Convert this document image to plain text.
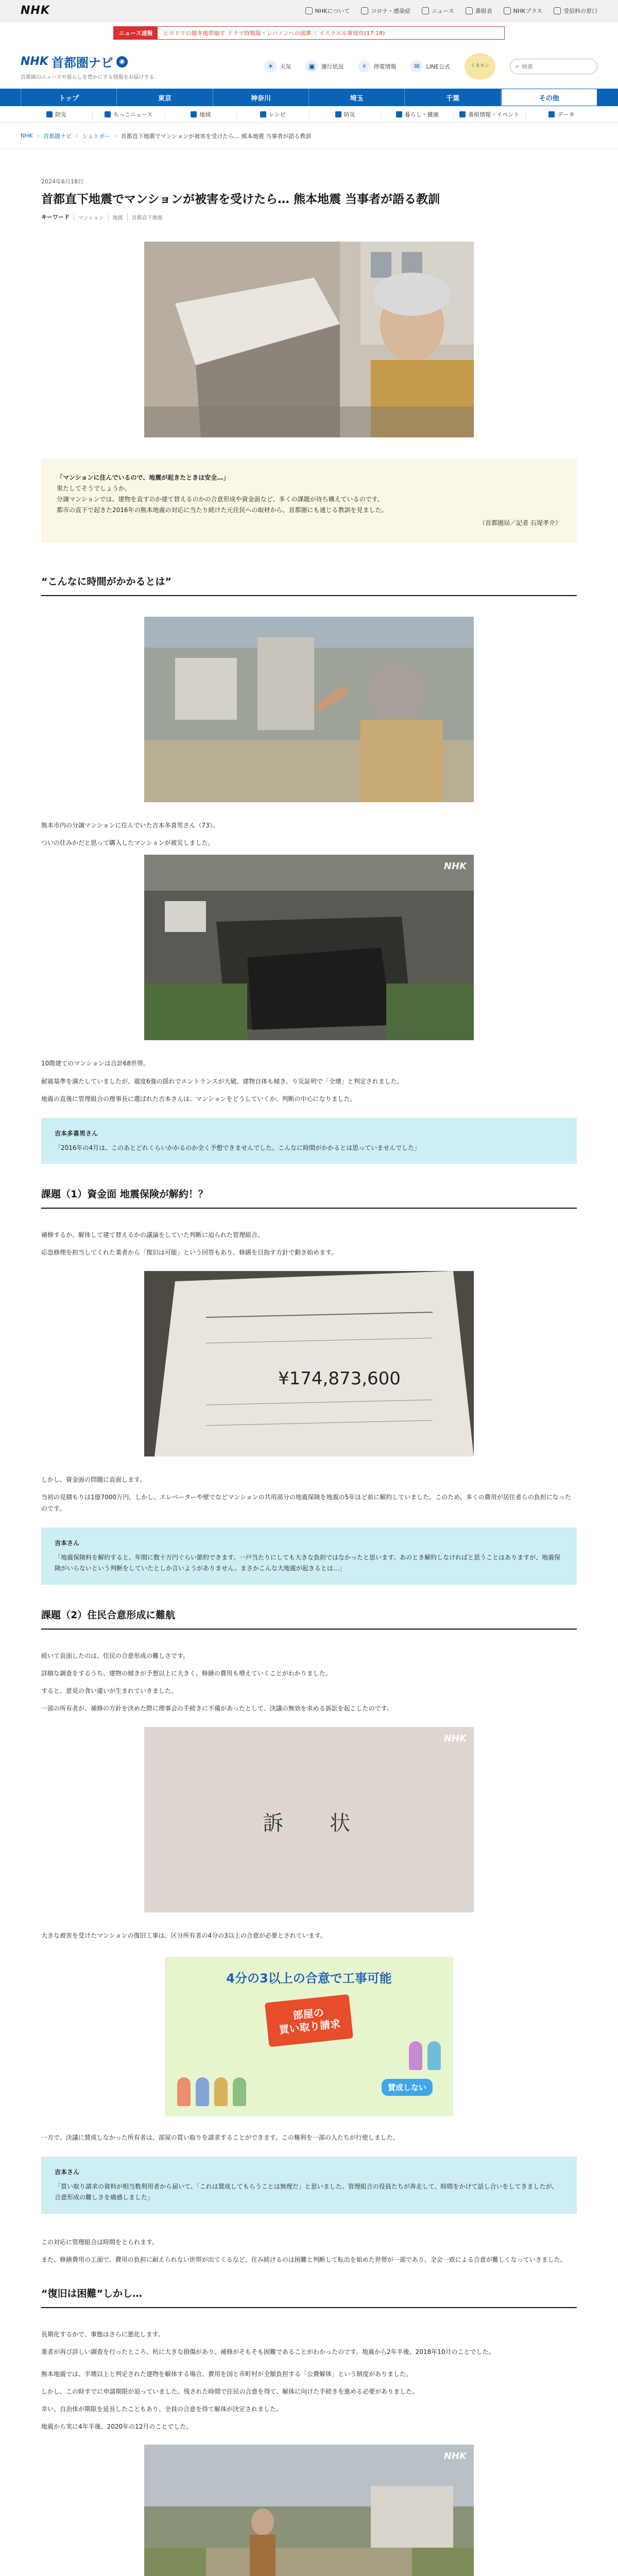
NHK	NHKについて	コロナ・感染症	ニュース	番組表	NHKプラス	受信料の窓口
ニュース速報	ヒヨドリの越冬地帯崩す ドラマ特報版・レバノンへの図夢〈 イスラエル軍侵攻(17:18)
NHK 首都圏ナビ ◉
首都圏のニュースや暮らしを豊かにする情報をお届けする
☀	天気	▣	運行状況	⚡	停電情報	✉	LINE公式	くまモン	⌕
検索
トップ	東京	神奈川	埼玉	千葉	その他
防災	ちっこニュース	地域	レシピ	防災	暮らし・健康	番組情報・イベント	データ
NHK › 首都圏ナビ › シュトボー › 首都直下地震でマンションが被害を受けたら… 熊本地震 当事者が語る教訓
2024年6月18日
首都直下地震でマンションが被害を受けたら… 熊本地震 当事者が語る教訓
キーワード	マンション	地震	首都直下地震
「マンションに住んでいるので、地震が起きたときは安全…」
果たしてそうでしょうか。
分譲マンションでは、建物を直すのか建て替えるのかの合意形成や資金面など、多くの課題が待ち構えているのです。
都市の直下で起きた2016年の熊本地震の対応に当たり続けた元住民への取材から、首都圏にも通じる教訓を見ました。
（首都圏局／記者 石堤孝介）
“こんなに時間がかかるとは”

熊本市内の分譲マンションに住んでいた吉本多喜男さん（73）。

ついの住みかだと思って購入したマンションが被災しました。

NHK

10階建てのマンションは合計68世帯。

耐震基準を満たしていましたが、震度6強の揺れでエントランスが大破、建物自体も傾き、り災証明で「全壊」と判定されました。

地震の直後に管理組合の理事長に選ばれた吉本さんは、マンションをどうしていくか、判断の中心になりました。

吉本多喜男さん
「2016年の4月は、このあとどれくらいかかるのか全く予想できませんでした。こんなに時間がかかるとは思っていませんでした」
課題（1）資金面 地震保険が解約！？

補修するか、解体して建て替えるかの議論をしていた判断に迫られた管理組合。

応急修理を担当してくれた業者から「復旧は可能」という回答もあり、修繕を目指す方針で動き始めます。

¥174,873,600

しかし、資金面の問題に直面します。

当初の見積もりは1億7000万円。しかし、エレベーターや壁でなどマンションの共用部分の地震保険を地震の5年ほど前に解約していました。このため、多くの費用が居住者らの負担になったのです。

吉本さん
「地震保険料を解約すると、年間に数十万円ぐらい節約できます。一戸当たりにしても大きな負担ではなかったと思います。あのとき解約しなければと思うことはありますが、地震保険がいらないという判断をしていたとしか言いようがありません。まさかこんな大地震が起きるとは…」
課題（2）住民合意形成に難航

続いて直面したのは、住民の合意形成の難しさです。

詳細な調査をするうち、建物の傾きが予想以上に大きく、修繕の費用も増えていくことがわかりました。

すると、意見の食い違いが生まれていきました。

一部の所有者が、補修の方針を決めた際に理事会の手続きに不備があったとして、決議の無効を求める訴訟を起こしたのです。

訴 状
NHK

大きな被害を受けたマンションの復旧工事は、区分所有者の4分の3以上の合意が必要とされています。

4分の3以上の合意で工事可能
部屋の
買い取り請求
賛成しない

一方で、決議に賛成しなかった所有者は、部屋の買い取りを請求することができます。この権利を一部の人たちが行使しました。

吉本さん
「買い取り請求の資料が相当数利用者から届いて、「これは賛成してもらうことは無理だ」と思いました。管理組合の役員たちが奔走して、時間をかけて話し合いをしてきましたが、合意形成の難しさを痛感しました」

この対応に管理組合は時間をとられます。

また、修繕費用の工面で、費用の負担に耐えられない世帯が出てくるなど、住み続けるのは困難と判断して転出を始めた世帯が一部であり、全会一致による合意が難しくなっていきました。

“復旧は困難”しかし…

長期化するかで、事態はさらに悪化します。

業者が再び詳しい調査を行ったところ、杭に大きな損傷があり、補修がそもそも困難であることがわかったのです。地震から2年半後、2018年10月のことでした。

熊本地震では、半壊以上と判定された建物を解体する場合、費用を国と市町村が全額負担する「公費解体」という制度がありました。

しかし、この時すでに申請期限が迫っていました。残された時間で住民の合意を得て、解体に向けた手続きを進める必要がありました。

幸い、自治体が期限を延長したこともあり、全員の合意を得て解体が決定されました。

地震から実に4年半後、2020年の12月のことでした。

NHK
